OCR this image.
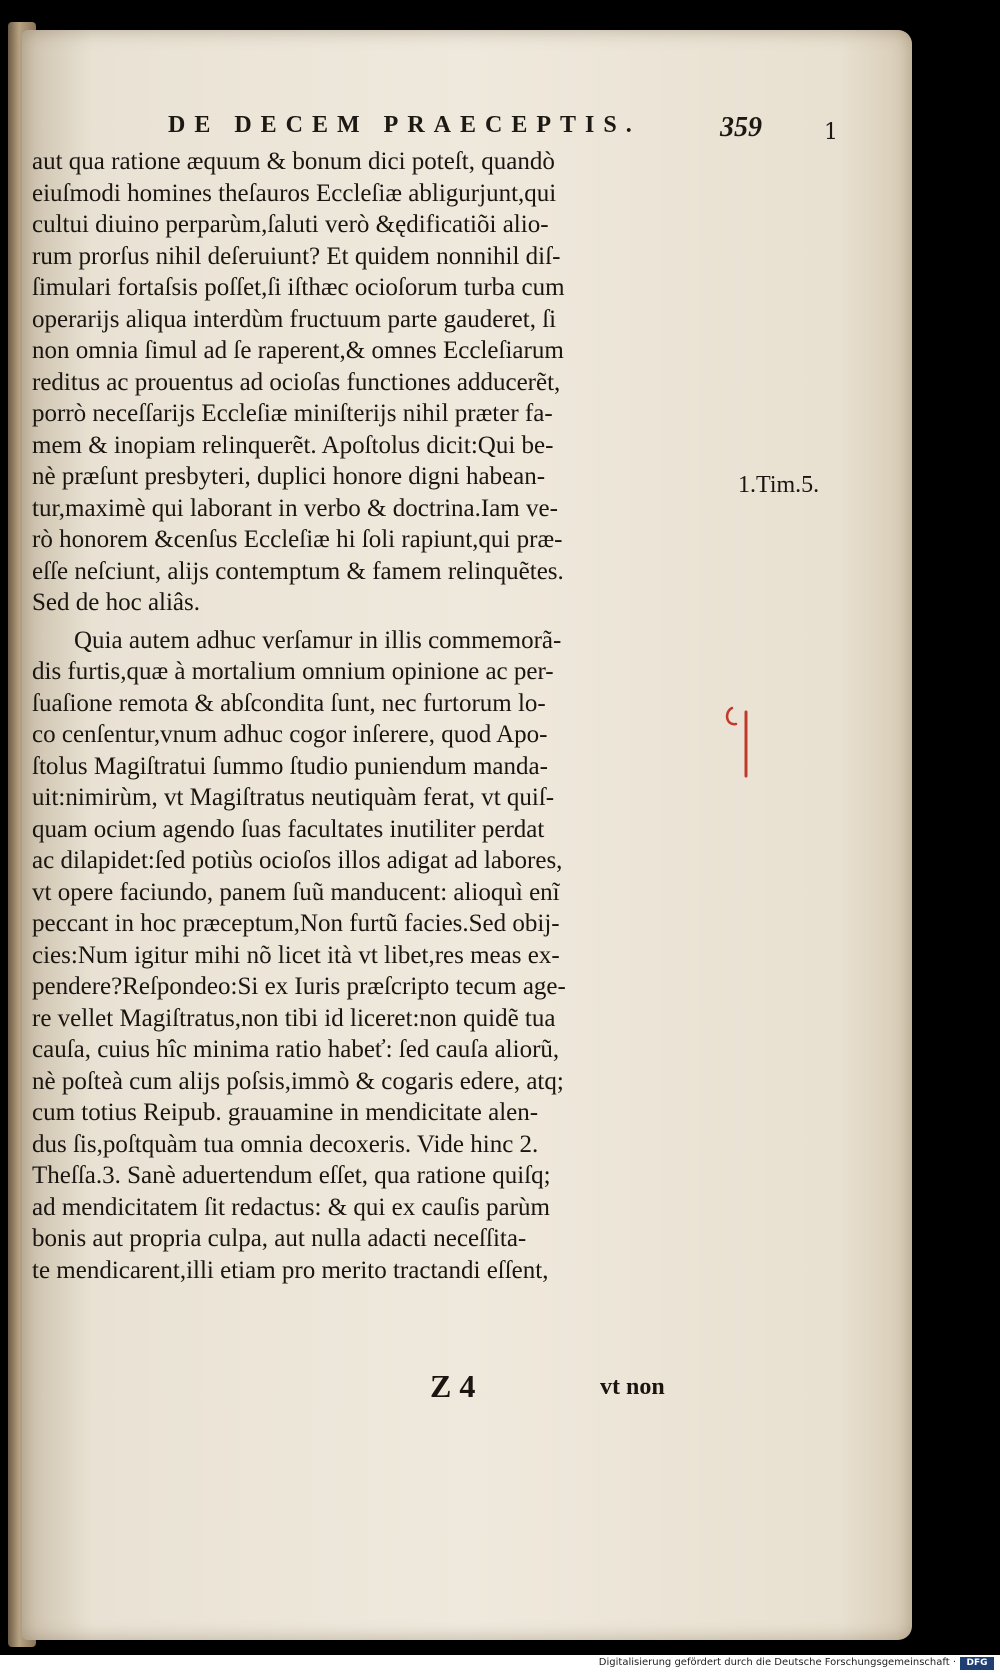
DE DECEM PRAECEPTIS.	359	1
aut qua ratione æquum & bonum dici poteſt, quandò
eiuſmodi homines theſauros Eccleſiæ abligurjunt,qui
cultui diuino perparùm,ſaluti verò &ędificatiõi alio-
rum prorſus nihil deſeruiunt? Et quidem nonnihil diſ-
ſimulari fortaſsis poſſet,ſi iſthæc ocioſorum turba cum
operarijs aliqua interdùm fructuum parte gauderet, ſi
non omnia ſimul ad ſe raperent,& omnes Eccleſiarum
reditus ac prouentus ad ocioſas functiones adducerẽt,
porrò neceſſarijs Eccleſiæ miniſterijs nihil præter fa-
mem & inopiam relinquerẽt. Apoſtolus dicit:Qui be-
nè præſunt presbyteri, duplici honore digni habean-
tur,maximè qui laborant in verbo & doctrina.Iam ve-
rò honorem &cenſus Eccleſiæ hi ſoli rapiunt,qui præ-
eſſe neſciunt, alijs contemptum & famem relinquẽtes.
Sed de hoc aliâs.
Quia autem adhuc verſamur in illis commemorã-
dis furtis,quæ à mortalium omnium opinione ac per-
ſuaſione remota & abſcondita ſunt, nec furtorum lo-
co cenſentur,vnum adhuc cogor inſerere, quod Apo-
ſtolus Magiſtratui ſummo ſtudio puniendum manda-
uit:nimirùm, vt Magiſtratus neutiquàm ferat, vt quiſ-
quam ocium agendo ſuas facultates inutiliter perdat
ac dilapidet:ſed potiùs ocioſos illos adigat ad labores,
vt opere faciundo, panem ſuũ manducent: alioquì enĩ
peccant in hoc præceptum,Non furtũ facies.Sed obij-
cies:Num igitur mihi nõ licet ità vt libet,res meas ex-
pendere?Reſpondeo:Si ex Iuris præſcripto tecum age-
re vellet Magiſtratus,non tibi id liceret:non quidẽ tua
cauſa, cuius hîc minima ratio habeť: ſed cauſa aliorũ,
nè poſteà cum alijs poſsis,immò & cogaris edere, atq;
cum totius Reipub. grauamine in mendicitate alen-
dus ſis,poſtquàm tua omnia decoxeris. Vide hinc 2.
Theſſa.3. Sanè aduertendum eſſet, qua ratione quiſq;
ad mendicitatem ſit redactus: & qui ex cauſis parùm
bonis aut propria culpa, aut nulla adacti neceſſita-
te mendicarent,illi etiam pro merito tractandi eſſent,
1.Tim.5.
Z 4	vt non
Digitalisierung gefördert durch die Deutsche Forschungsgemeinschaft ·	DFG
